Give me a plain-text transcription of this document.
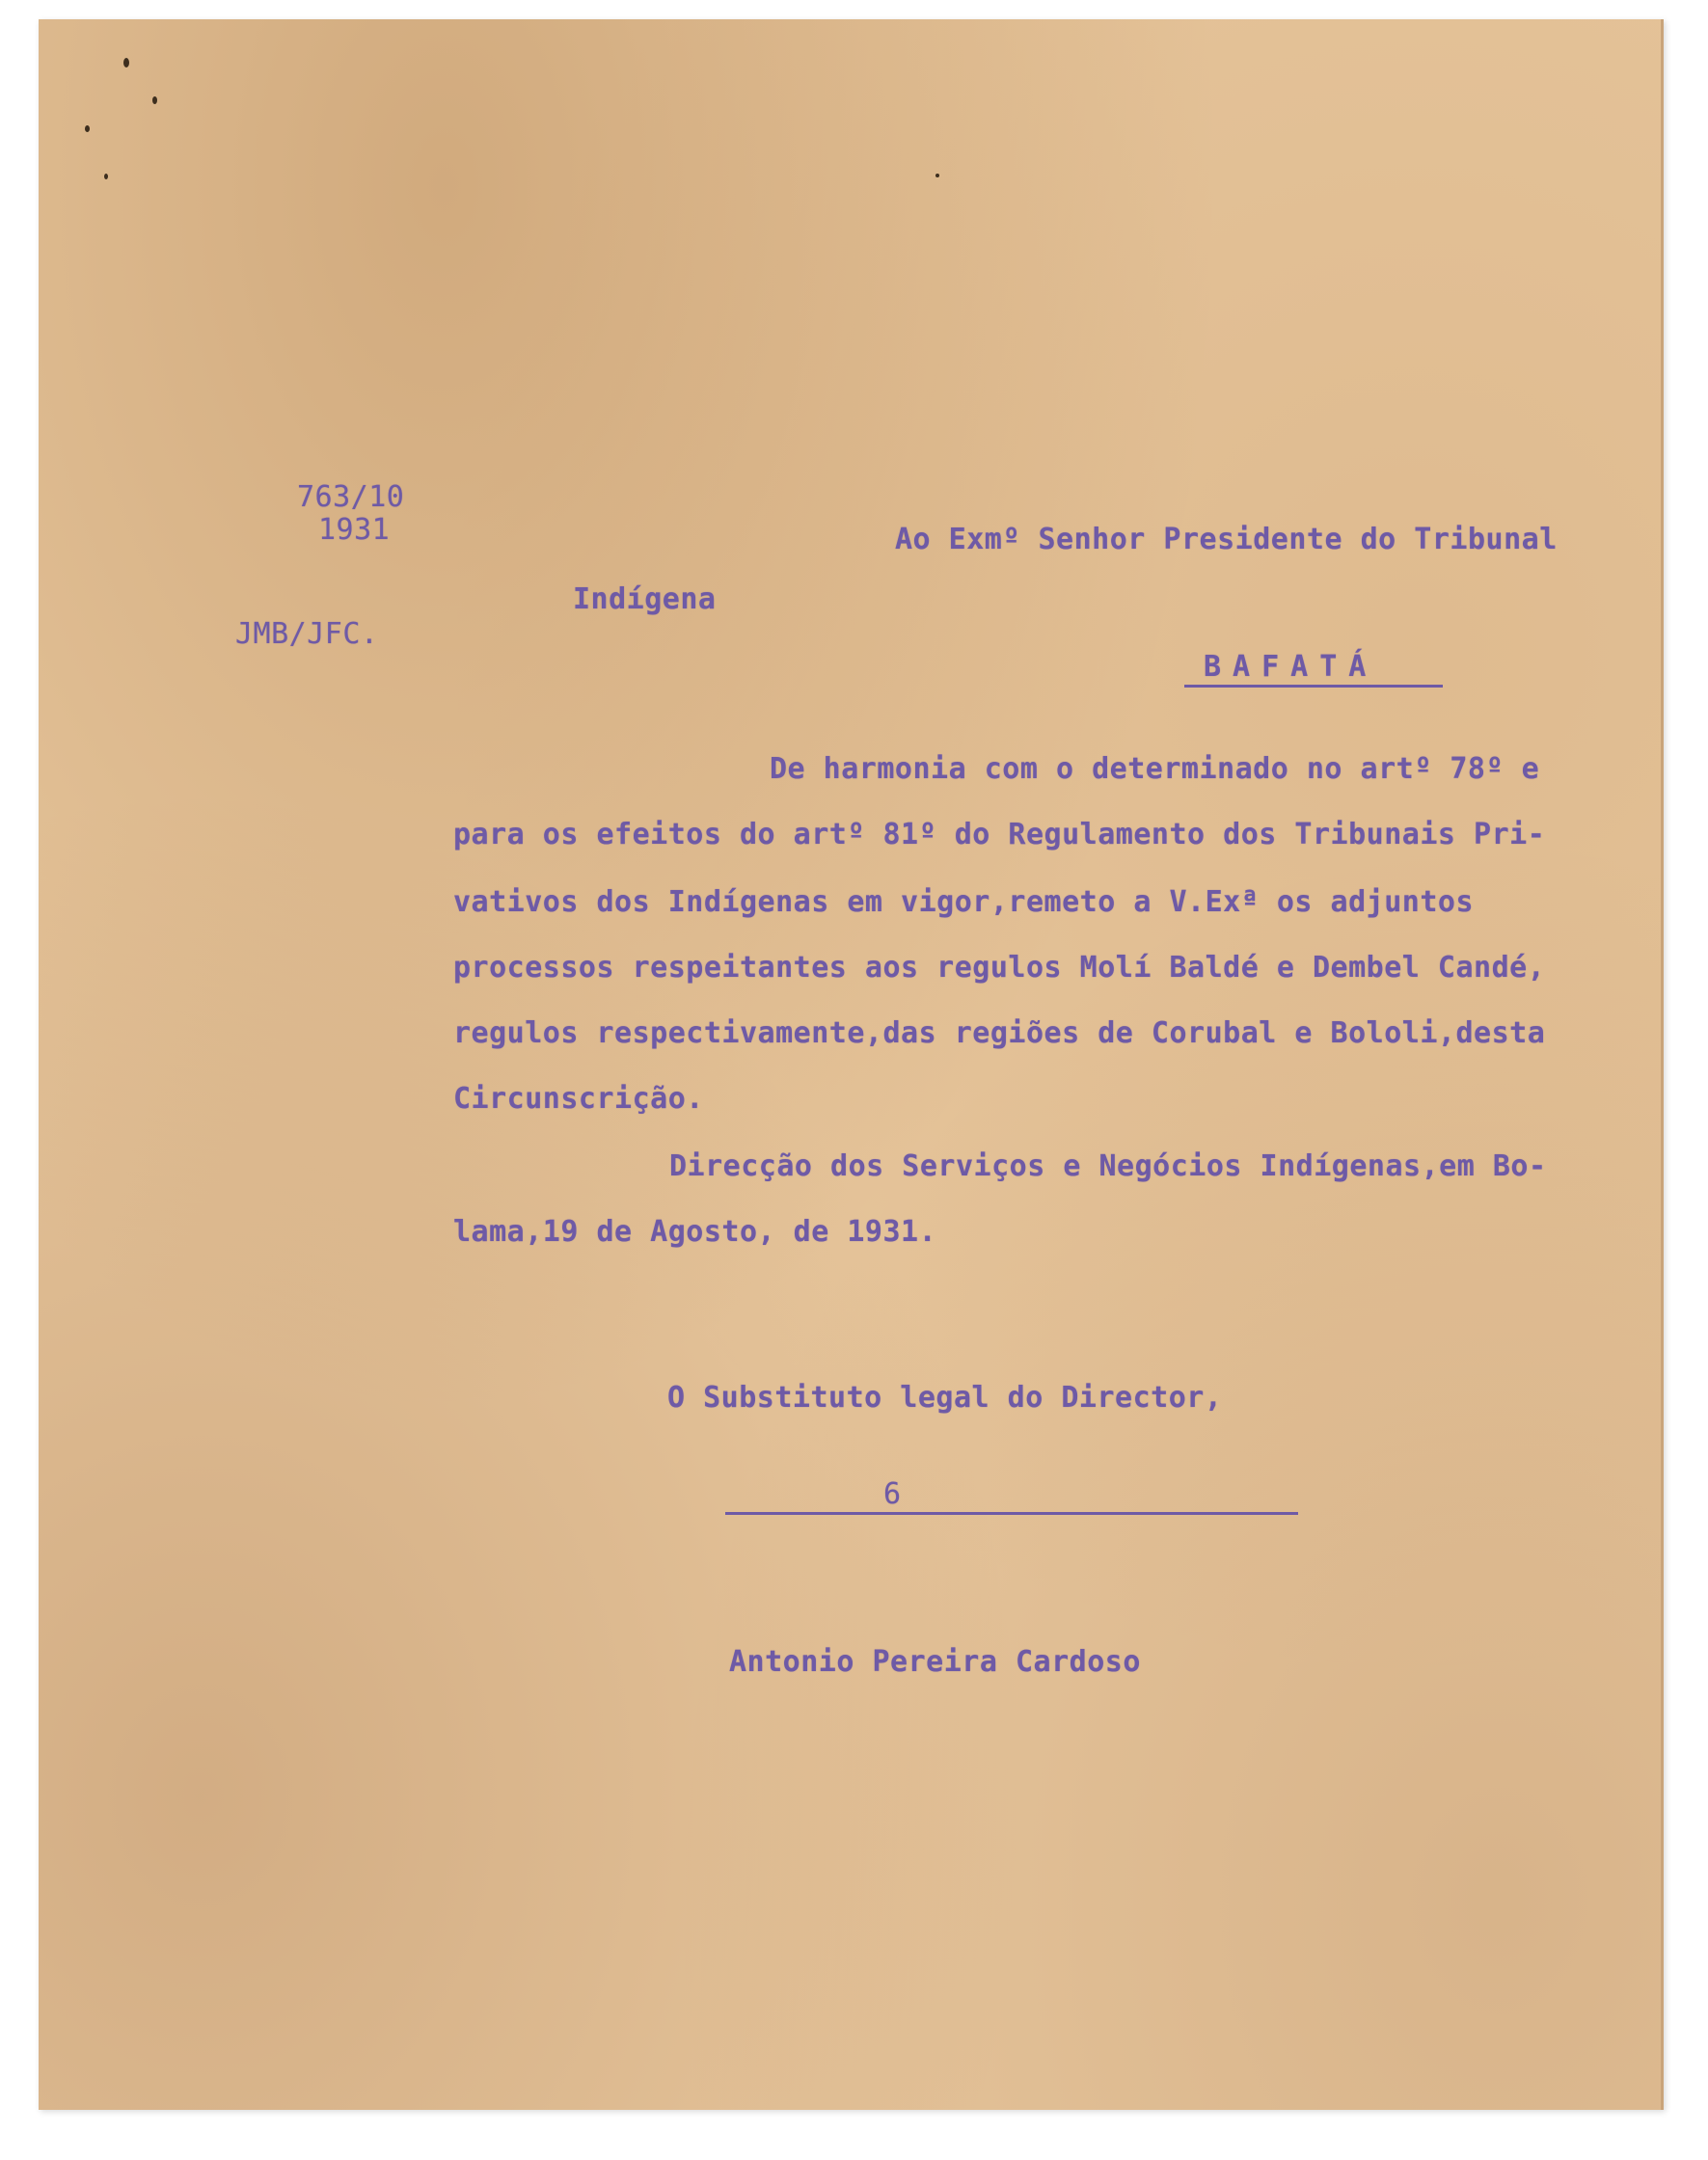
763/10
1931
JMB/JFC.
Ao Exmº Senhor Presidente do Tribunal
Indígena
BAFATÁ
De harmonia com o determinado no artº 78º e
para os efeitos do artº 81º do Regulamento dos Tribunais Pri-
vativos dos Indígenas em vigor,remeto a V.Exª os adjuntos
processos respeitantes aos regulos Molí Baldé e Dembel Candé,
regulos respectivamente,das regiões de Corubal e Bololi,desta
Circunscrição.
Direcção dos Serviços e Negócios Indígenas,em Bo-
lama,19 de Agosto, de 1931.
O Substituto legal do Director,
6
Antonio Pereira Cardoso
